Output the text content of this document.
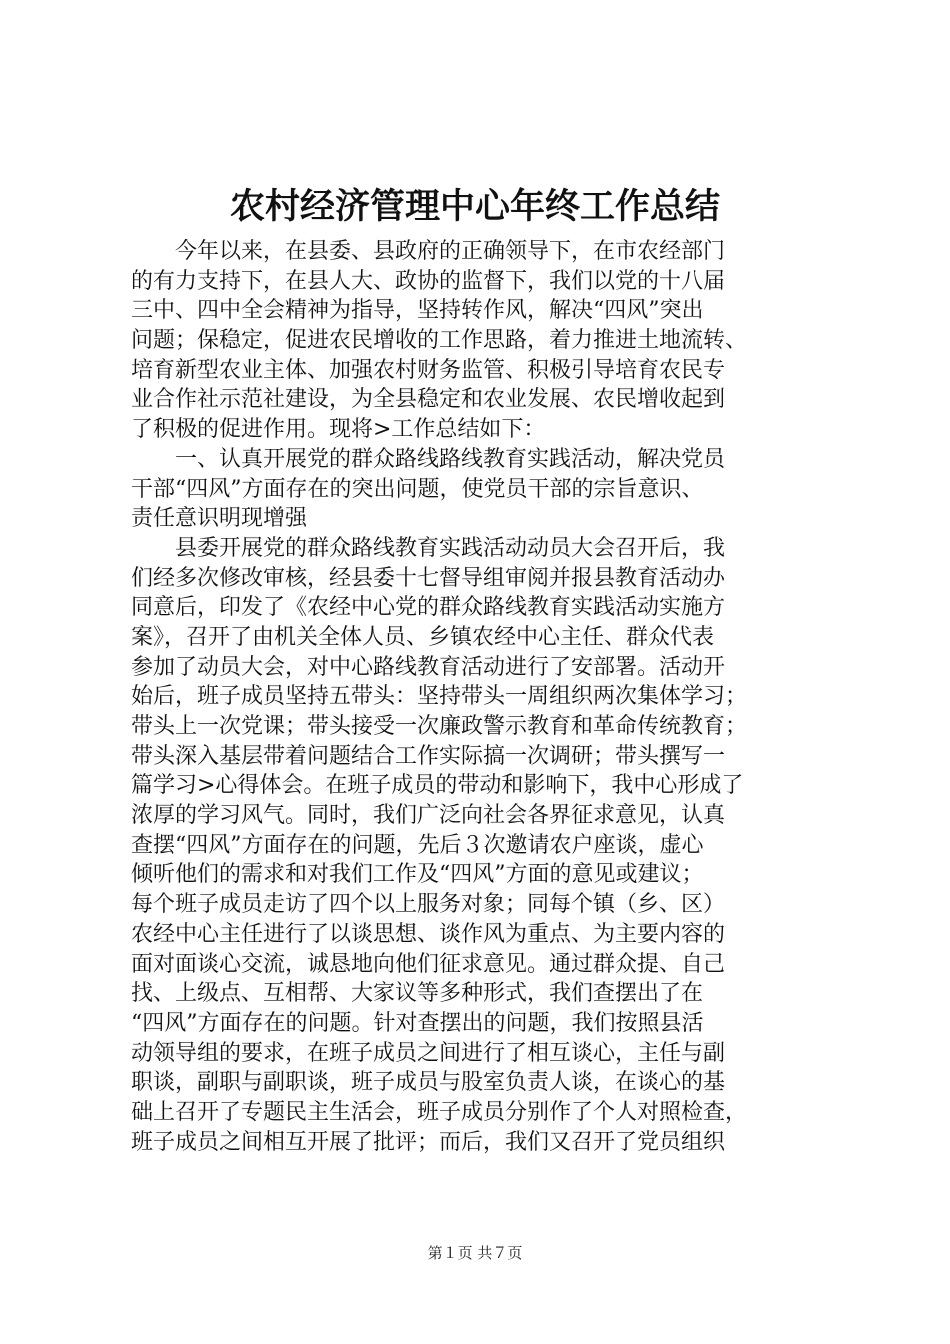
农村经济管理中心年终工作总结
　　今年以来，在县委、县政府的正确领导下，在市农经部门
的有力支持下，在县人大、政协的监督下，我们以党的十八届
三中、四中全会精神为指导，坚持转作风，解决“四风”突出
问题；保稳定，促进农民增收的工作思路，着力推进土地流转、
培育新型农业主体、加强农村财务监管、积极引导培育农民专
业合作社示范社建设，为全县稳定和农业发展、农民增收起到
了积极的促进作用。现将>工作总结如下：
　　一、认真开展党的群众路线路线教育实践活动，解决党员
干部“四风”方面存在的突出问题，使党员干部的宗旨意识、
责任意识明现增强
　　县委开展党的群众路线教育实践活动动员大会召开后，我
们经多次修改审核，经县委十七督导组审阅并报县教育活动办
同意后，印发了《农经中心党的群众路线教育实践活动实施方
案》，召开了由机关全体人员、乡镇农经中心主任、群众代表
参加了动员大会，对中心路线教育活动进行了安部署。活动开
始后，班子成员坚持五带头：坚持带头一周组织两次集体学习；
带头上一次党课；带头接受一次廉政警示教育和革命传统教育；
带头深入基层带着问题结合工作实际搞一次调研；带头撰写一
篇学习>心得体会。在班子成员的带动和影响下，我中心形成了
浓厚的学习风气。同时，我们广泛向社会各界征求意见，认真
查摆“四风”方面存在的问题，先后３次邀请农户座谈，虚心
倾听他们的需求和对我们工作及“四风”方面的意见或建议；
每个班子成员走访了四个以上服务对象；同每个镇（乡、区）
农经中心主任进行了以谈思想、谈作风为重点、为主要内容的
面对面谈心交流，诚恳地向他们征求意见。通过群众提、自己
找、上级点、互相帮、大家议等多种形式，我们查摆出了在
“四风”方面存在的问题。针对查摆出的问题，我们按照县活
动领导组的要求，在班子成员之间进行了相互谈心，主任与副
职谈，副职与副职谈，班子成员与股室负责人谈，在谈心的基
础上召开了专题民主生活会，班子成员分别作了个人对照检查，
班子成员之间相互开展了批评；而后，我们又召开了党员组织
第１页 共７页
